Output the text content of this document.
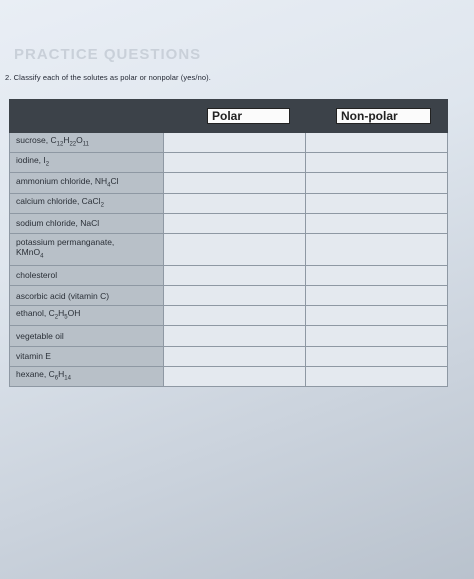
PRACTICE QUESTIONS
2. Classify each of the solutes as polar or nonpolar (yes/no).
	Polar	Non-polar
sucrose, $C_{12}H_{22}O_{11}$		
iodine, $I_2$		
ammonium chloride, $NH_4Cl$		
calcium chloride, CaCl$_2$		
sodium chloride, NaCl		
potassium permanganate,
KMnO$_4$		
cholesterol		
ascorbic acid (vitamin C)		
ethanol, $C_2H_5OH$		
vegetable oil		
vitamin E		
hexane, $C_6H_{14}$		
